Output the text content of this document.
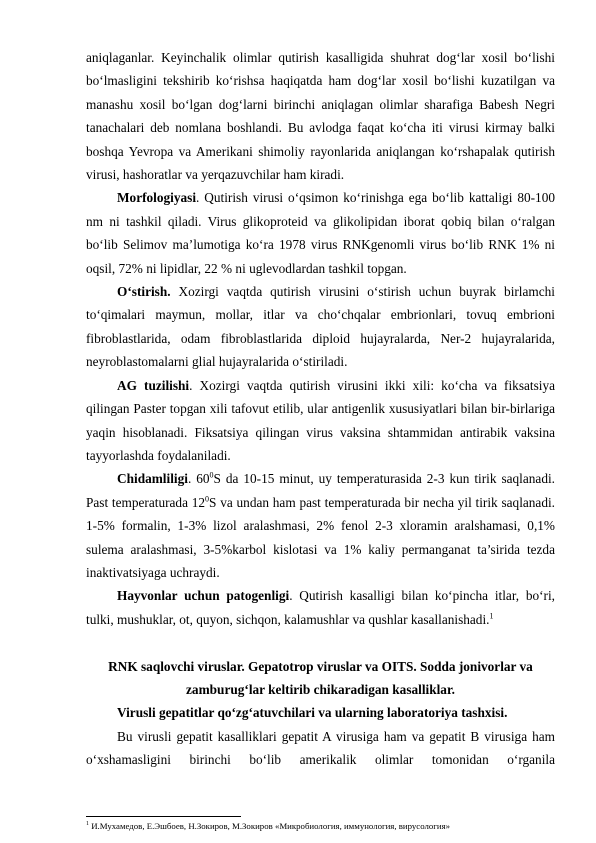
aniqlaganlar. Keyinchalik olimlar qutirish kasalligida shuhrat dog‘lar xosil bo‘lishi bo‘lmasligini tekshirib ko‘rishsa haqiqatda ham dog‘lar xosil bo‘lishi kuzatilgan va manashu xosil bo‘lgan dog‘larni birinchi aniqlagan olimlar sharafiga Babesh Negri tanachalari deb nomlana boshlandi. Bu avlodga faqat ko‘cha iti virusi kirmay balki boshqa Yevropa va Amerikani shimoliy rayonlarida aniqlangan ko‘rshapalak qutirish virusi, hashoratlar va yerqazuvchilar ham kiradi.

Morfologiyasi. Qutirish virusi o‘qsimon ko‘rinishga ega bo‘lib kattaligi 80-100 nm ni tashkil qiladi. Virus glikoproteid va glikolipidan iborat qobiq bilan o‘ralgan bo‘lib Selimov ma’lumotiga ko‘ra 1978 virus RNKgenomli virus bo‘lib RNK 1% ni oqsil, 72% ni lipidlar, 22 % ni uglevodlardan tashkil topgan.

O‘stirish. Xozirgi vaqtda qutirish virusini o‘stirish uchun buyrak birlamchi to‘qimalari maymun, mollar, itlar va cho‘chqalar embrionlari, tovuq embrioni fibroblastlarida, odam fibroblastlarida diploid hujayralarda, Ner-2 hujayralarida, neyroblastomalarni glial hujayralarida o‘stiriladi.

AG tuzilishi. Xozirgi vaqtda qutirish virusini ikki xili: ko‘cha va fiksatsiya qilingan Paster topgan xili tafovut etilib, ular antigenlik xususiyatlari bilan bir-birlariga yaqin hisoblanadi. Fiksatsiya qilingan virus vaksina shtammidan antirabik vaksina tayyorlashda foydalaniladi.

Chidamliligi. $60^0S$ da 10-15 minut, uy temperaturasida 2-3 kun tirik saqlanadi. Past temperaturada $12^0S$ va undan ham past temperaturada bir necha yil tirik saqlanadi. 1-5% formalin, 1-3% lizol aralashmasi, 2% fenol 2-3 xloramin aralshamasi, 0,1% sulema aralashmasi, 3-5%karbol kislotasi va 1% kaliy permanganat ta’sirida tezda inaktivatsiyaga uchraydi.

Hayvonlar uchun patogenligi. Qutirish kasalligi bilan ko‘pincha itlar, bo‘ri, tulki, mushuklar, ot, quyon, sichqon, kalamushlar va qushlar kasallanishadi.$^1$

RNK saqlovchi viruslar. Gepatotrop viruslar va OITS. Sodda jonivorlar va
zamburug‘lar keltirib chikaradigan kasalliklar.

Virusli gepatitlar qo‘zg‘atuvchilari va ularning laboratoriya tashxisi.

Bu virusli gepatit kasalliklari gepatit A virusiga ham va gepatit B virusiga ham

o‘xshamasligini birinchi bo‘lib amerikalik olimlar tomonidan o‘rganila

$^1$ И.Мухамедов, Е.Эшбоев, Н.Зокиров, М.Зокиров «Микробиология, иммунология, вирусология»
